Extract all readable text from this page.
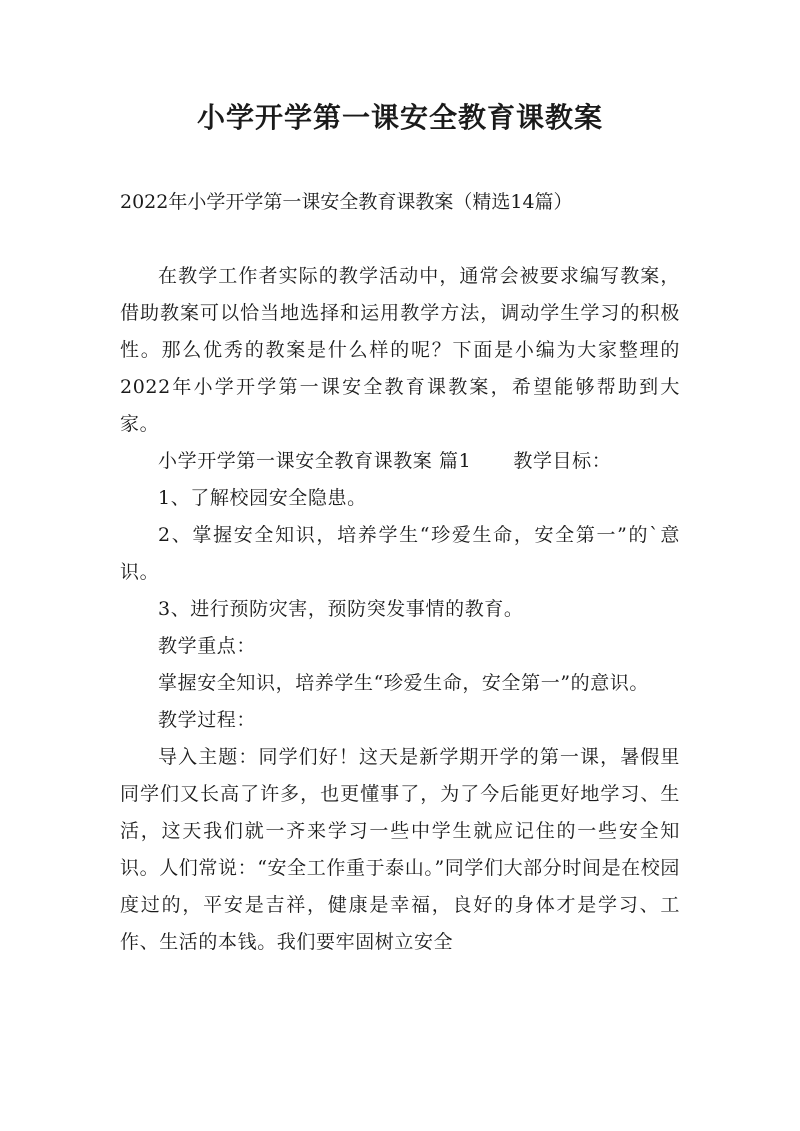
小学开学第一课安全教育课教案
2022年小学开学第一课安全教育课教案（精选14篇）

在教学工作者实际的教学活动中，通常会被要求编写教案，借助教案可以恰当地选择和运用教学方法，调动学生学习的积极性。那么优秀的教案是什么样的呢？下面是小编为大家整理的2022年小学开学第一课安全教育课教案，希望能够帮助到大家。

小学开学第一课安全教育课教案 篇1 教学目标：

1、了解校园安全隐患。

2、掌握安全知识，培养学生“珍爱生命，安全第一”的`意识。

3、进行预防灾害，预防突发事情的教育。

教学重点：

掌握安全知识，培养学生“珍爱生命，安全第一”的意识。

教学过程：

导入主题：同学们好！这天是新学期开学的第一课，暑假里同学们又长高了许多，也更懂事了，为了今后能更好地学习、生活，这天我们就一齐来学习一些中学生就应记住的一些安全知识。人们常说：“安全工作重于泰山。”同学们大部分时间是在校园度过的，平安是吉祥，健康是幸福，良好的身体才是学习、工作、生活的本钱。我们要牢固树立安全
